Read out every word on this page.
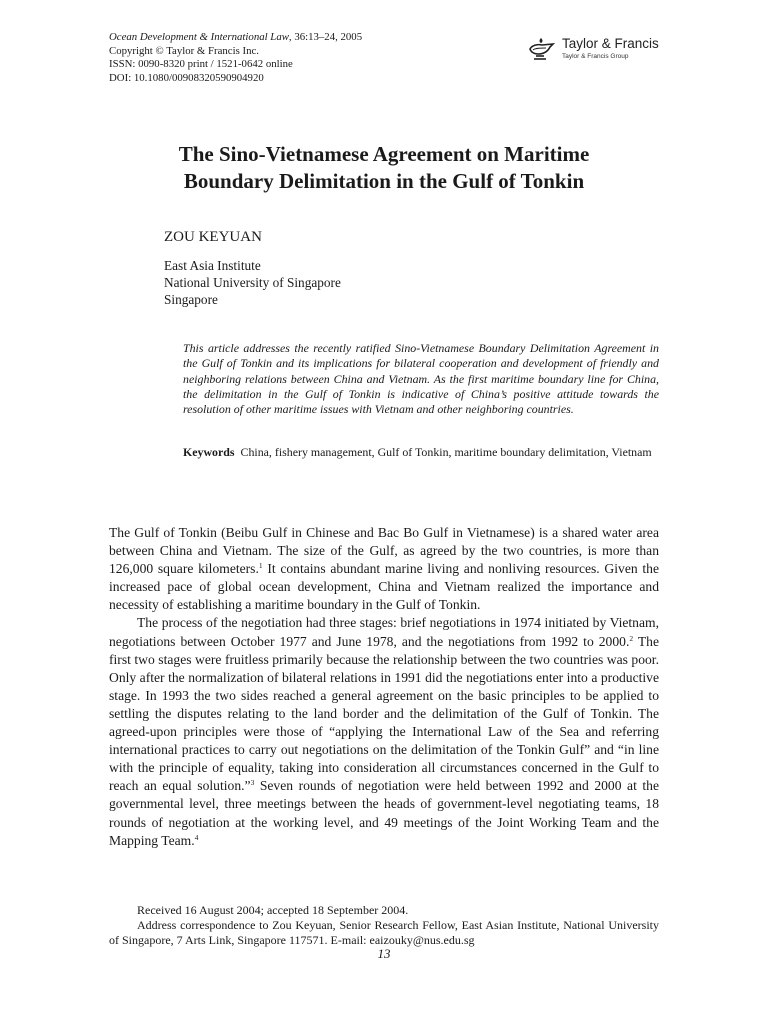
Ocean Development & International Law, 36:13–24, 2005
Copyright © Taylor & Francis Inc.
ISSN: 0090-8320 print / 1521-0642 online
DOI: 10.1080/00908320590904920
Taylor & Francis
Taylor & Francis Group
The Sino-Vietnamese Agreement on Maritime
Boundary Delimitation in the Gulf of Tonkin
ZOU KEYUAN
East Asia Institute
National University of Singapore
Singapore

This article addresses the recently ratified Sino-Vietnamese Boundary Delimitation Agreement in the Gulf of Tonkin and its implications for bilateral cooperation and development of friendly and neighboring relations between China and Vietnam. As the first maritime boundary line for China, the delimitation in the Gulf of Tonkin is indicative of China’s positive attitude towards the resolution of other maritime issues with Vietnam and other neighboring countries.

Keywords China, fishery management, Gulf of Tonkin, maritime boundary delimitation, Vietnam

The Gulf of Tonkin (Beibu Gulf in Chinese and Bac Bo Gulf in Vietnamese) is a shared water area between China and Vietnam. The size of the Gulf, as agreed by the two countries, is more than 126,000 square kilometers.$^1$ It contains abundant marine living and nonliving resources. Given the increased pace of global ocean development, China and Vietnam realized the importance and necessity of establishing a maritime boundary in the Gulf of Tonkin.

The process of the negotiation had three stages: brief negotiations in 1974 initiated by Vietnam, negotiations between October 1977 and June 1978, and the negotiations from 1992 to 2000.$^2$ The first two stages were fruitless primarily because the relationship between the two countries was poor. Only after the normalization of bilateral relations in 1991 did the negotiations enter into a productive stage. In 1993 the two sides reached a general agreement on the basic principles to be applied to settling the disputes relating to the land border and the delimitation of the Gulf of Tonkin. The agreed-upon principles were those of “applying the International Law of the Sea and referring international practices to carry out negotiations on the delimitation of the Tonkin Gulf” and “in line with the principle of equality, taking into consideration all circumstances concerned in the Gulf to reach an equal solution.”$^3$ Seven rounds of negotiation were held between 1992 and 2000 at the governmental level, three meetings between the heads of government-level negotiating teams, 18 rounds of negotiation at the working level, and 49 meetings of the Joint Working Team and the Mapping Team.$^4$

Received 16 August 2004; accepted 18 September 2004.

Address correspondence to Zou Keyuan, Senior Research Fellow, East Asian Institute, National University of Singapore, 7 Arts Link, Singapore 117571. E-mail: eaizouky@nus.edu.sg

13
